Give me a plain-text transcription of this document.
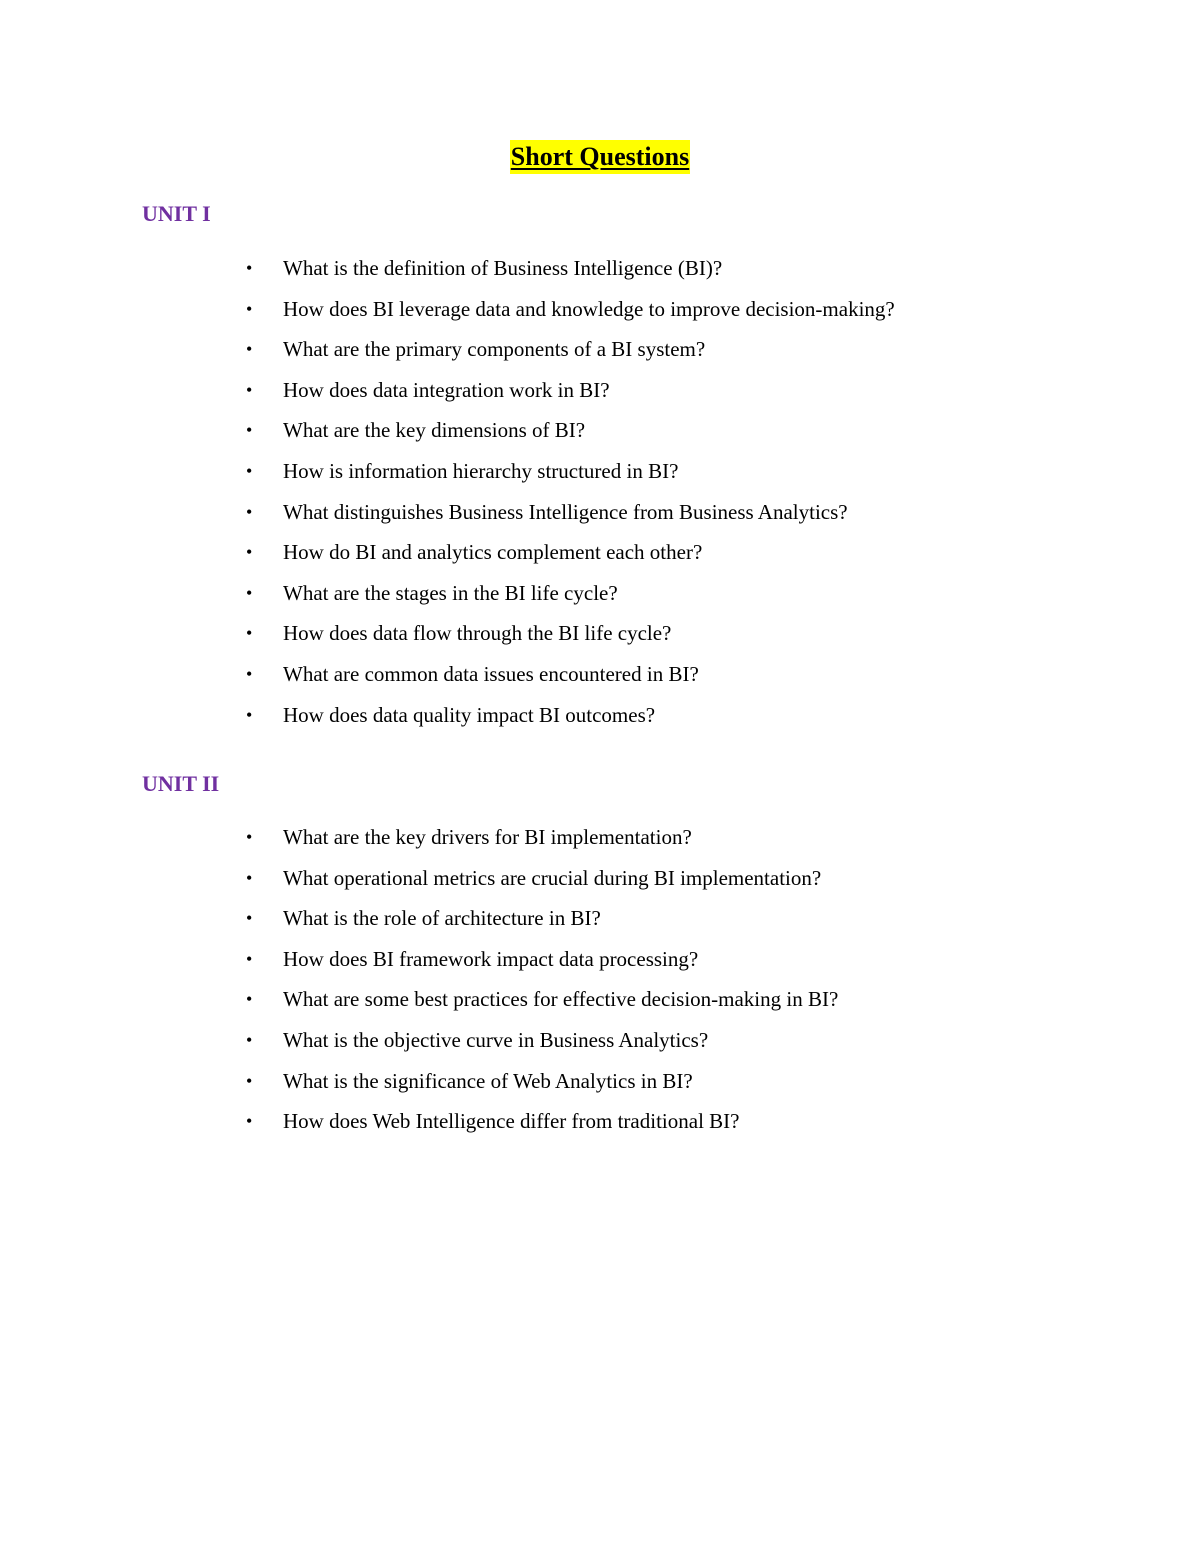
Short Questions
UNIT I
• What is the definition of Business Intelligence (BI)?
• How does BI leverage data and knowledge to improve decision-making?
• What are the primary components of a BI system?
• How does data integration work in BI?
• What are the key dimensions of BI?
• How is information hierarchy structured in BI?
• What distinguishes Business Intelligence from Business Analytics?
• How do BI and analytics complement each other?
• What are the stages in the BI life cycle?
• How does data flow through the BI life cycle?
• What are common data issues encountered in BI?
• How does data quality impact BI outcomes?
UNIT II
• What are the key drivers for BI implementation?
• What operational metrics are crucial during BI implementation?
• What is the role of architecture in BI?
• How does BI framework impact data processing?
• What are some best practices for effective decision-making in BI?
• What is the objective curve in Business Analytics?
• What is the significance of Web Analytics in BI?
• How does Web Intelligence differ from traditional BI?
